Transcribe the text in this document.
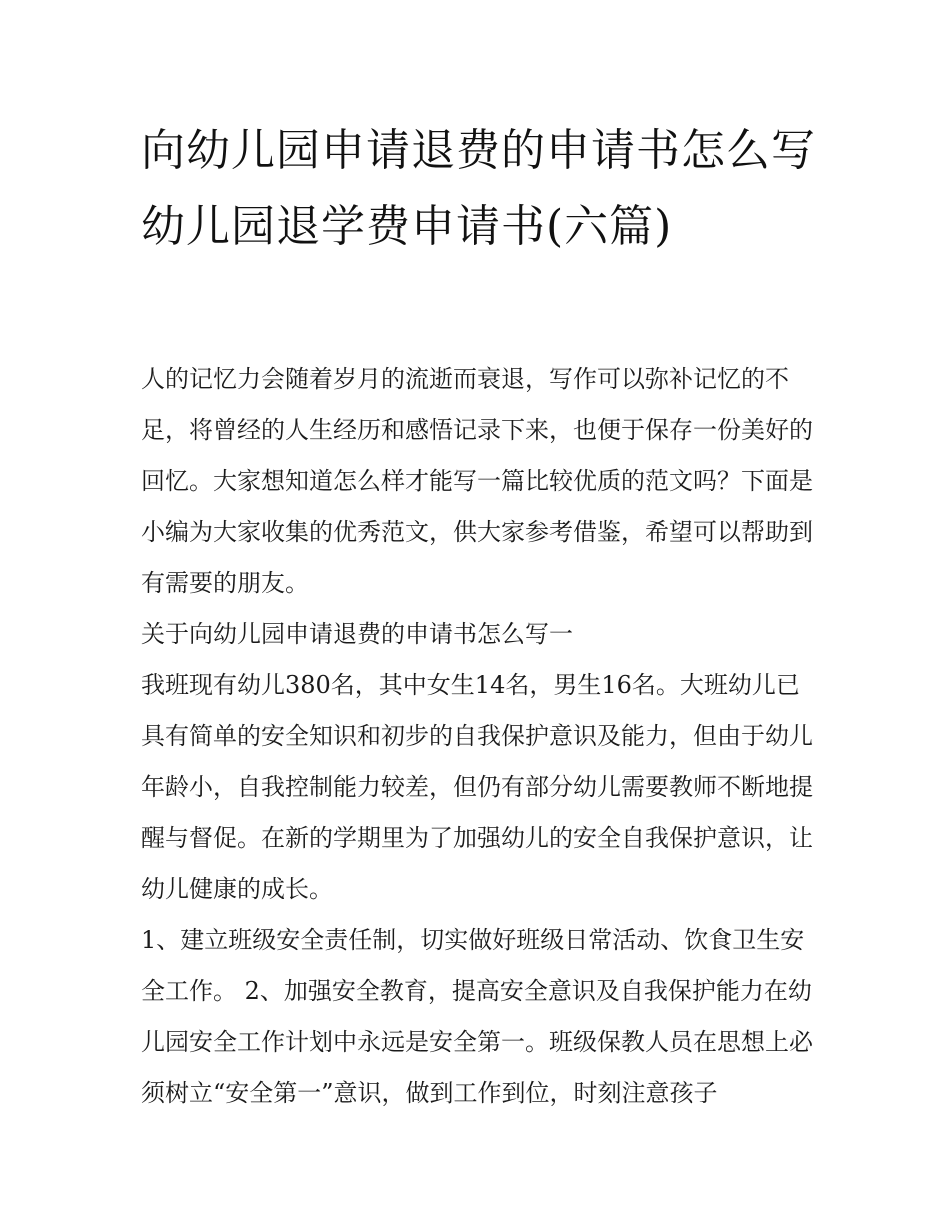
向幼儿园申请退费的申请书怎么写 幼儿园退学费申请书(六篇)

人的记忆力会随着岁月的流逝而衰退，写作可以弥补记忆的不足，将曾经的人生经历和感悟记录下来，也便于保存一份美好的回忆。大家想知道怎么样才能写一篇比较优质的范文吗？下面是小编为大家收集的优秀范文，供大家参考借鉴，希望可以帮助到有需要的朋友。

关于向幼儿园申请退费的申请书怎么写一

我班现有幼儿380名，其中女生14名，男生16名。大班幼儿已具有简单的安全知识和初步的自我保护意识及能力，但由于幼儿年龄小，自我控制能力较差，但仍有部分幼儿需要教师不断地提醒与督促。在新的学期里为了加强幼儿的安全自我保护意识，让幼儿健康的成长。

1、建立班级安全责任制，切实做好班级日常活动、饮食卫生安全工作。 2、加强安全教育，提高安全意识及自我保护能力在幼儿园安全工作计划中永远是安全第一。班级保教人员在思想上必须树立“安全第一”意识，做到工作到位，时刻注意孩子
